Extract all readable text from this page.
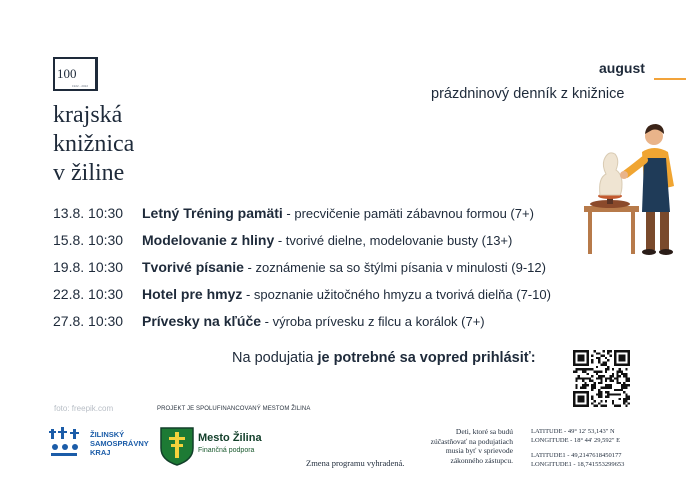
100
1922 - 2022
krajská
knižnica
v žiline
august
prázdninový denník z knižnice
13.8. 10:30 Letný Tréning pamäti - precvičenie pamäti zábavnou formou (7+)
15.8. 10:30 Modelovanie z hliny - tvorivé dielne, modelovanie busty (13+)
19.8. 10:30 Tvorivé písanie - zoznámenie sa so štýlmi písania v minulosti (9-12)
22.8. 10:30 Hotel pre hmyz - spoznanie užitočného hmyzu a tvorivá dielňa (7-10)
27.8. 10:30 Prívesky na kľúče - výroba prívesku z filcu a korálok (7+)
Na podujatia je potrebné sa vopred prihlásiť:
foto: freepik.com	PROJEKT JE SPOLUFINANCOVANÝ MESTOM ŽILINA
ŽILINSKÝ
SAMOSPRÁVNY
KRAJ
Mesto Žilina
Finančná podpora
Zmena programu vyhradená.
Deti, ktoré sa budú
zúčastňovať na podujatiach
musia byť v sprievode
zákonného zástupcu.
LATITUDE - 49° 12' 53,143" N
LONGITUDE - 18° 44' 29,592" E
LATITUDE1 - 49,2147618450177
LONGITUDE1 - 18,741553299653
